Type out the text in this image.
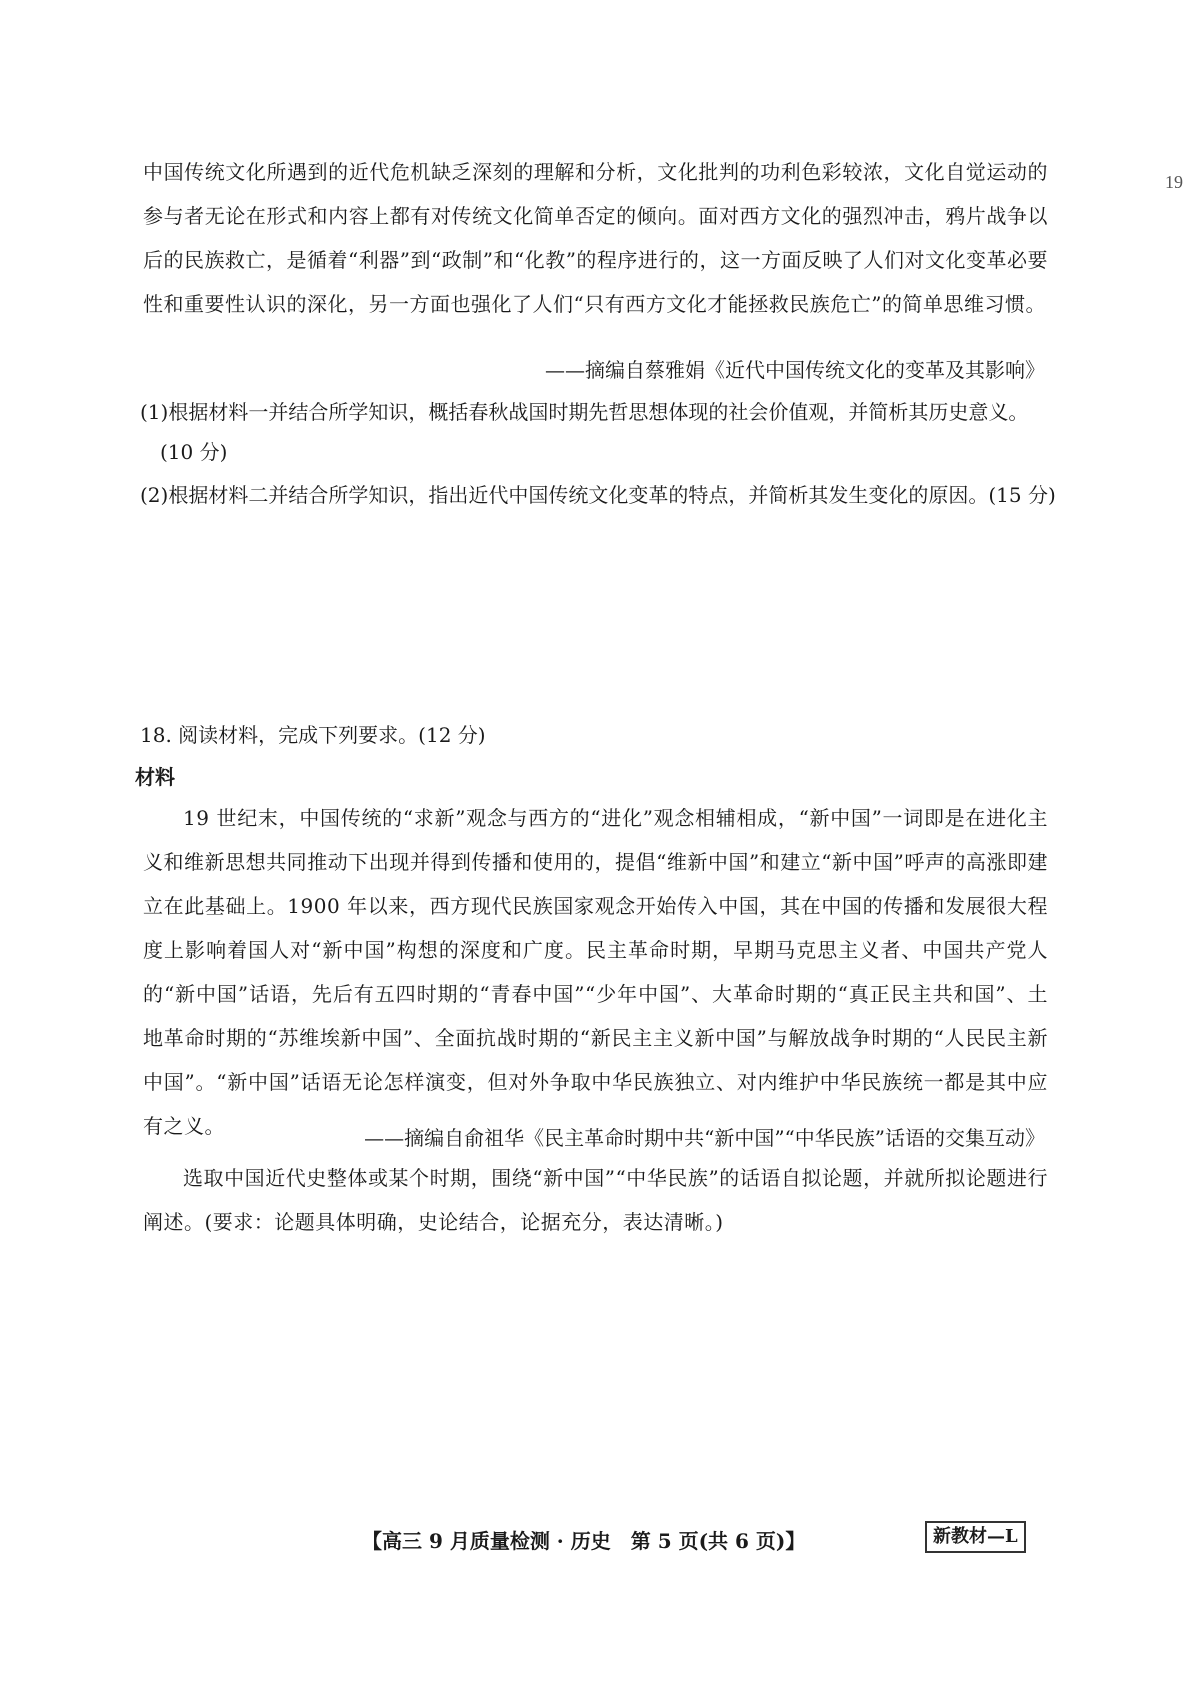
19

中国传统文化所遇到的近代危机缺乏深刻的理解和分析，文化批判的功利色彩较浓，文化自觉运动的参与者无论在形式和内容上都有对传统文化简单否定的倾向。面对西方文化的强烈冲击，鸦片战争以后的民族救亡，是循着“利器”到“政制”和“化教”的程序进行的，这一方面反映了人们对文化变革必要性和重要性认识的深化，另一方面也强化了人们“只有西方文化才能拯救民族危亡”的简单思维习惯。

——摘编自蔡雅娟《近代中国传统文化的变革及其影响》

(1)根据材料一并结合所学知识，概括春秋战国时期先哲思想体现的社会价值观，并简析其历史意义。

(10 分)

(2)根据材料二并结合所学知识，指出近代中国传统文化变革的特点，并简析其发生变化的原因。(15 分)

18. 阅读材料，完成下列要求。(12 分)

材料

19 世纪末，中国传统的“求新”观念与西方的“进化”观念相辅相成，“新中国”一词即是在进化主义和维新思想共同推动下出现并得到传播和使用的，提倡“维新中国”和建立“新中国”呼声的高涨即建立在此基础上。1900 年以来，西方现代民族国家观念开始传入中国，其在中国的传播和发展很大程度上影响着国人对“新中国”构想的深度和广度。民主革命时期，早期马克思主义者、中国共产党人的“新中国”话语，先后有五四时期的“青春中国”“少年中国”、大革命时期的“真正民主共和国”、土地革命时期的“苏维埃新中国”、全面抗战时期的“新民主主义新中国”与解放战争时期的“人民民主新中国”。“新中国”话语无论怎样演变，但对外争取中华民族独立、对内维护中华民族统一都是其中应有之义。	——摘编自俞祖华《民主革命时期中共“新中国”“中华民族”话语的交集互动》

选取中国近代史整体或某个时期，围绕“新中国”“中华民族”的话语自拟论题，并就所拟论题进行阐述。(要求：论题具体明确，史论结合，论据充分，表达清晰。)

【高三 9 月质量检测 · 历史　第 5 页(共 6 页)】	新教材—L
